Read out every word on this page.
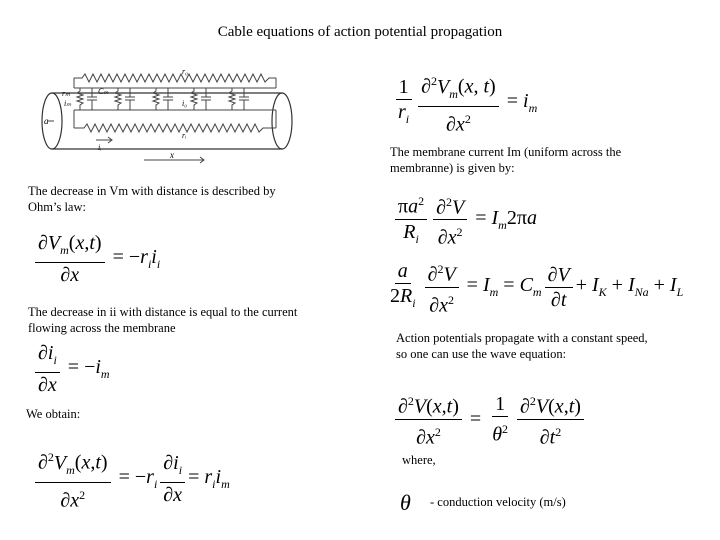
Cable equations of action potential propagation
r₀
rₘ	Cₘ
iₘ	i₀
iᵢ
rᵢ
a
x
$\frac{1}{r_i} \frac{\partial^2V_m(x, t)}{\partial x^2} = i_m$
The membrane current Im (uniform across the membranne) is given by:
The decrease in Vm with distance is described by Ohm’s law:
$\frac{\partial V_m(x,t)}{\partial x} = -r_ii_i$
$\frac{\pi a^2}{R_i} \frac{\partial^2V}{\partial x^2} = I_m2\pi a$
$\frac{a}{2R_i} \frac{\partial^2V}{\partial x^2} = I_m = C_m \frac{\partial V}{\partial t} + I_K + I_{Na} + I_L$
The decrease in ii with distance is equal to the current flowing across the membrane
$\frac{\partial i_i}{\partial x} = -i_m$
Action potentials propagate with a constant speed, so one can use the wave equation:
We obtain:	$\frac{\partial^2V(x,t)}{\partial x^2} = \frac{1}{\theta^2} \frac{\partial^2V(x,t)}{\partial t^2}$
$\frac{\partial^2V_m(x,t)}{\partial x^2} = -r_i \frac{\partial i_i}{\partial x} = r_ii_m$
where,
θ - conduction velocity (m/s)
